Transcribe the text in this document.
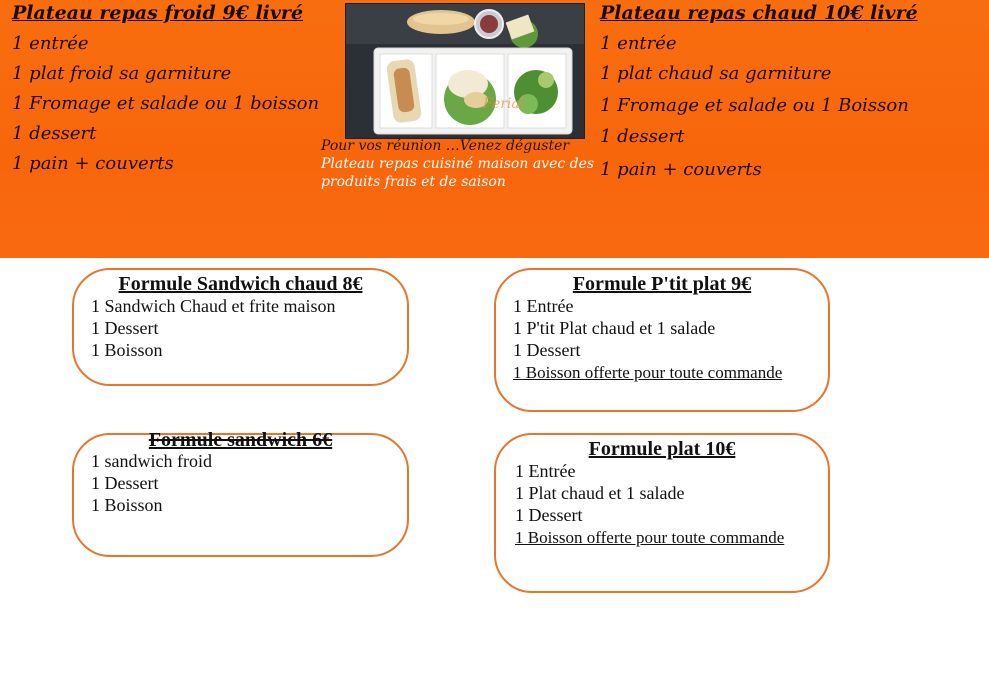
Plateau repas froid 9€ livré
1 entrée
1 plat froid sa garniture
1 Fromage et salade ou 1 boisson
1 dessert
1 pain + couverts
Ferial
Pour vos réunion …Venez déguster
Plateau repas cuisiné maison avec des
produits frais et de saison
Plateau repas chaud 10€ livré
1 entrée
1 plat chaud sa garniture
1 Fromage et salade ou 1 Boisson
1 dessert
1 pain + couverts
Formule Sandwich chaud 8€
1 Sandwich Chaud et frite maison
1 Dessert
1 Boisson
Formule P'tit plat 9€
1 Entrée
1 P'tit Plat chaud et 1 salade
1 Dessert
1 Boisson offerte pour toute commande
Formule sandwich 6€
1 sandwich froid
1 Dessert
1 Boisson
Formule plat 10€
1 Entrée
1 Plat chaud et 1 salade
1 Dessert
1 Boisson offerte pour toute commande
